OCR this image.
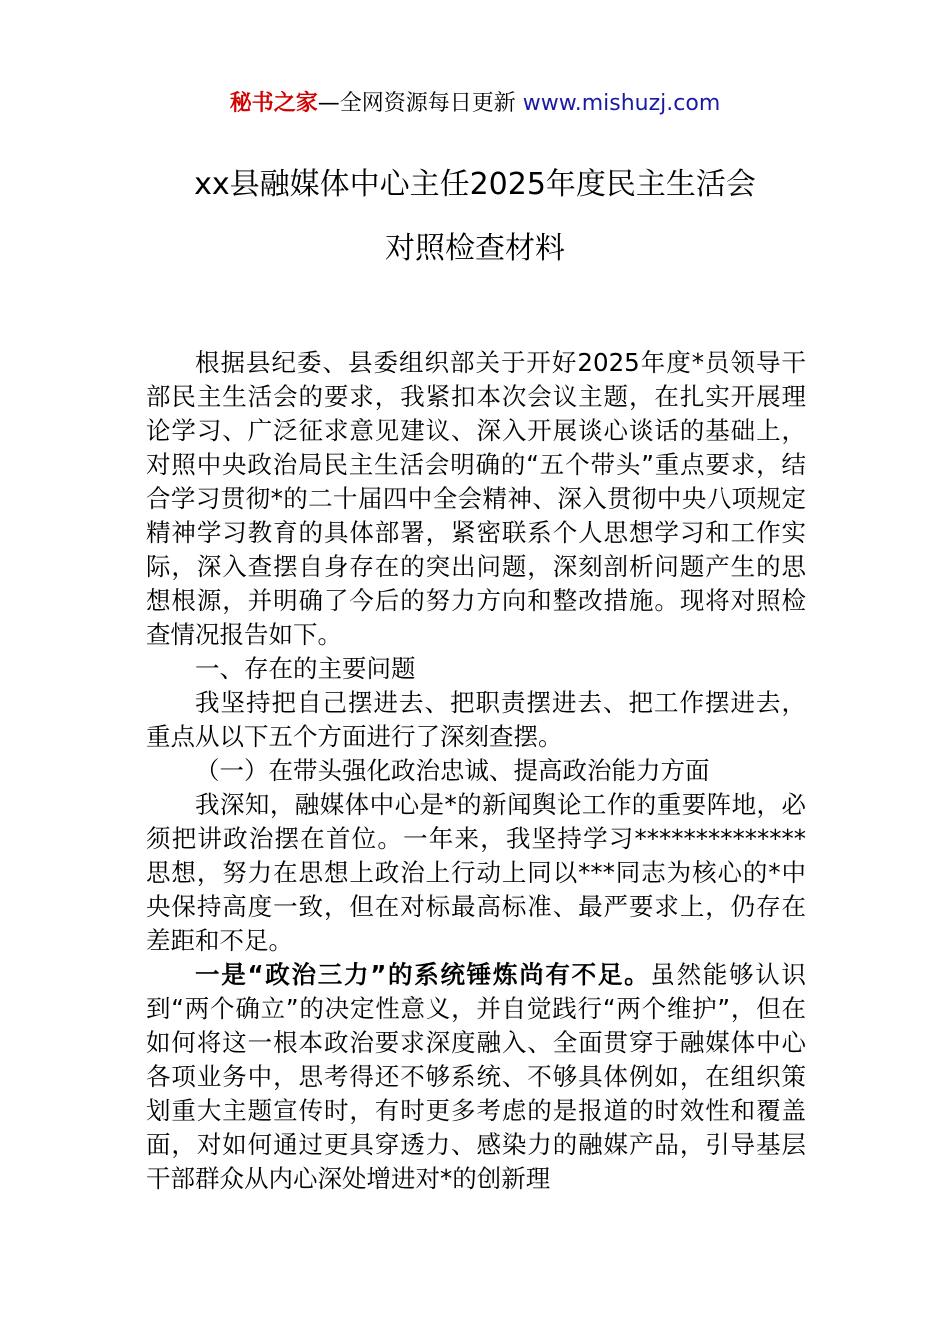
秘书之家—全网资源每日更新 www.mishuzj.com
xx县融媒体中心主任2025年度民主生活会
对照检查材料

根据县纪委、县委组织部关于开好2025年度*员领导干部民主生活会的要求，我紧扣本次会议主题，在扎实开展理论学习、广泛征求意见建议、深入开展谈心谈话的基础上，对照中央政治局民主生活会明确的“五个带头”重点要求，结合学习贯彻*的二十届四中全会精神、深入贯彻中央八项规定精神学习教育的具体部署，紧密联系个人思想学习和工作实际，深入查摆自身存在的突出问题，深刻剖析问题产生的思想根源，并明确了今后的努力方向和整改措施。现将对照检查情况报告如下。

一、存在的主要问题

我坚持把自己摆进去、把职责摆进去、把工作摆进去，重点从以下五个方面进行了深刻查摆。

（一）在带头强化政治忠诚、提高政治能力方面

我深知，融媒体中心是*的新闻舆论工作的重要阵地，必须把讲政治摆在首位。一年来，我坚持学习**************思想，努力在思想上政治上行动上同以***同志为核心的*中央保持高度一致，但在对标最高标准、最严要求上，仍存在差距和不足。

一是“政治三力”的系统锤炼尚有不足。虽然能够认识到“两个确立”的决定性意义，并自觉践行“两个维护”，但在如何将这一根本政治要求深度融入、全面贯穿于融媒体中心各项业务中，思考得还不够系统、不够具体例如，在组织策划重大主题宣传时，有时更多考虑的是报道的时效性和覆盖面，对如何通过更具穿透力、感染力的融媒产品，引导基层干部群众从内心深处增进对*的创新理
